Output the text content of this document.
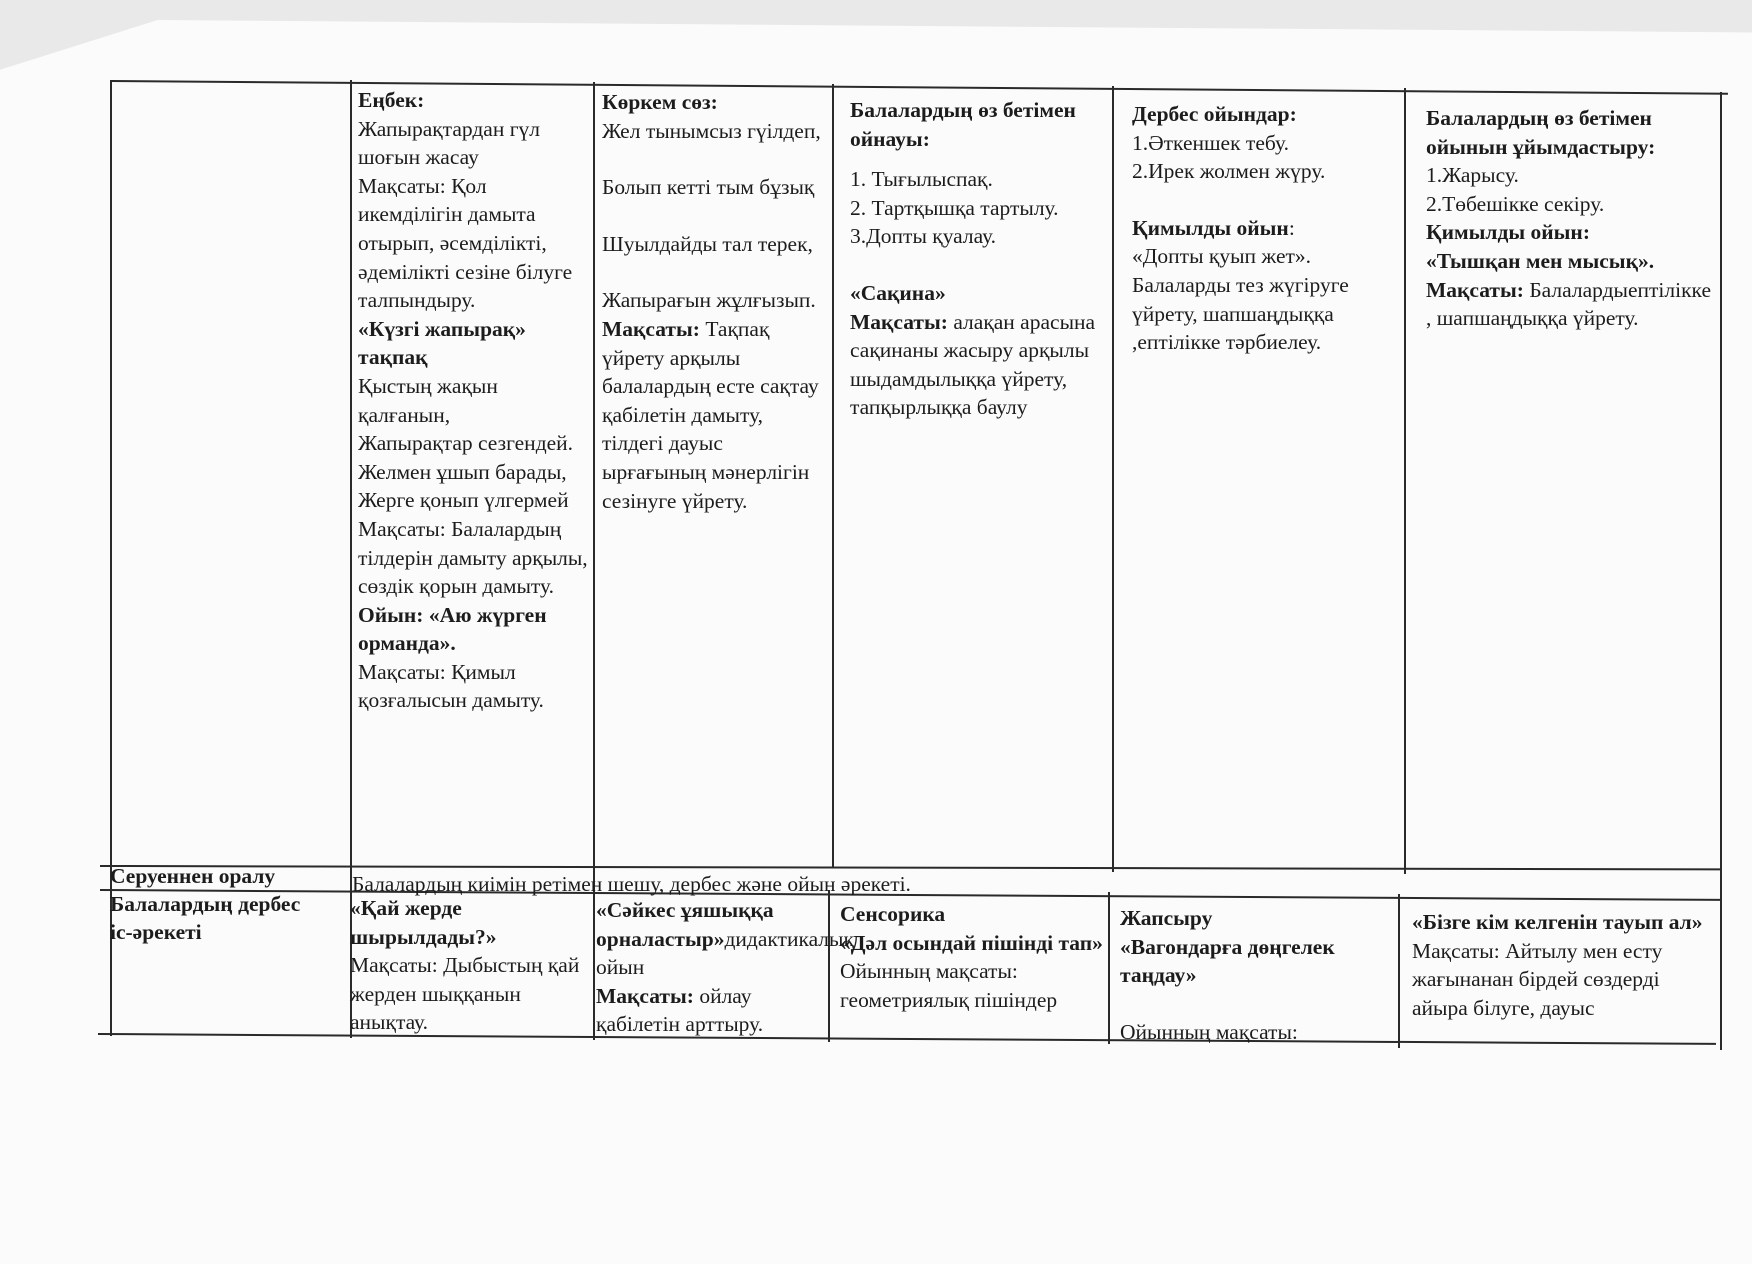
Еңбек:
Жапырақтардан гүл шоғын жасау
Мақсаты: Қол икемділігін дамыта отырып, әсемділікті, әдемілікті сезіне білуге талпындыру.
«Күзгі жапырақ» тақпақ
Қыстың жақын қалғанын,
Жапырақтар сезгендей.
Желмен ұшып барады,
Жерге қонып үлгермей
Мақсаты: Балалардың тілдерін дамыту арқылы, сөздік қорын дамыту.
Ойын: «Аю жүрген орманда».
Мақсаты: Қимыл қозғалысын дамыту.
Көркем сөз:
Жел тынымсыз гүілдеп,
Болып кетті тым бұзық
Шуылдайды тал терек,
Жапырағын жұлғызып.
Мақсаты: Тақпақ үйрету арқылы балалардың есте сақтау қабілетін дамыту, тілдегі дауыс ырғағының мәнерлігін сезінуге үйрету.
Балалардың өз бетімен ойнауы:
1. Тығылыспақ.
2. Тартқышқа тартылу.
3.Допты қуалау.
«Сақина»
Мақсаты: алақан арасына сақинаны жасыру арқылы шыдамдылыққа үйрету, тапқырлыққа баулу
Дербес ойындар:
1.Әткеншек тебу.
2.Ирек жолмен жүру.
Қимылды ойын:
«Допты қуып жет».
Балаларды тез жүгіруге үйрету, шапшаңдыққа ,ептілікке тәрбиелеу.
Балалардың өз бетімен ойынын ұйымдастыру:
1.Жарысу.
2.Төбешікке секіру.
Қимылды ойын:
«Тышқан мен мысық».
Мақсаты: Балалардыептілікке , шапшаңдыққа үйрету.
Серуеннен оралу	Балалардың киімін ретімен шешу, дербес және ойын әрекеті.
Балалардың дербес іс-әрекеті
«Қай жерде шырылдады?»
Мақсаты: Дыбыстың қай жерден шыққанын анықтау.
«Сәйкес ұяшыққа орналастыр»дидактикалық ойын
Мақсаты: ойлау қабілетін арттыру.
Сенсорика
«Дәл осындай пішінді тап»
Ойынның мақсаты: геометриялық пішіндер
Жапсыру
«Вагондарға дөңгелек таңдау»
Ойынның мақсаты:
«Бізге кім келгенін тауып ал»
Мақсаты: Айтылу мен есту жағынанан бірдей сөздерді айыра білуге, дауыс
